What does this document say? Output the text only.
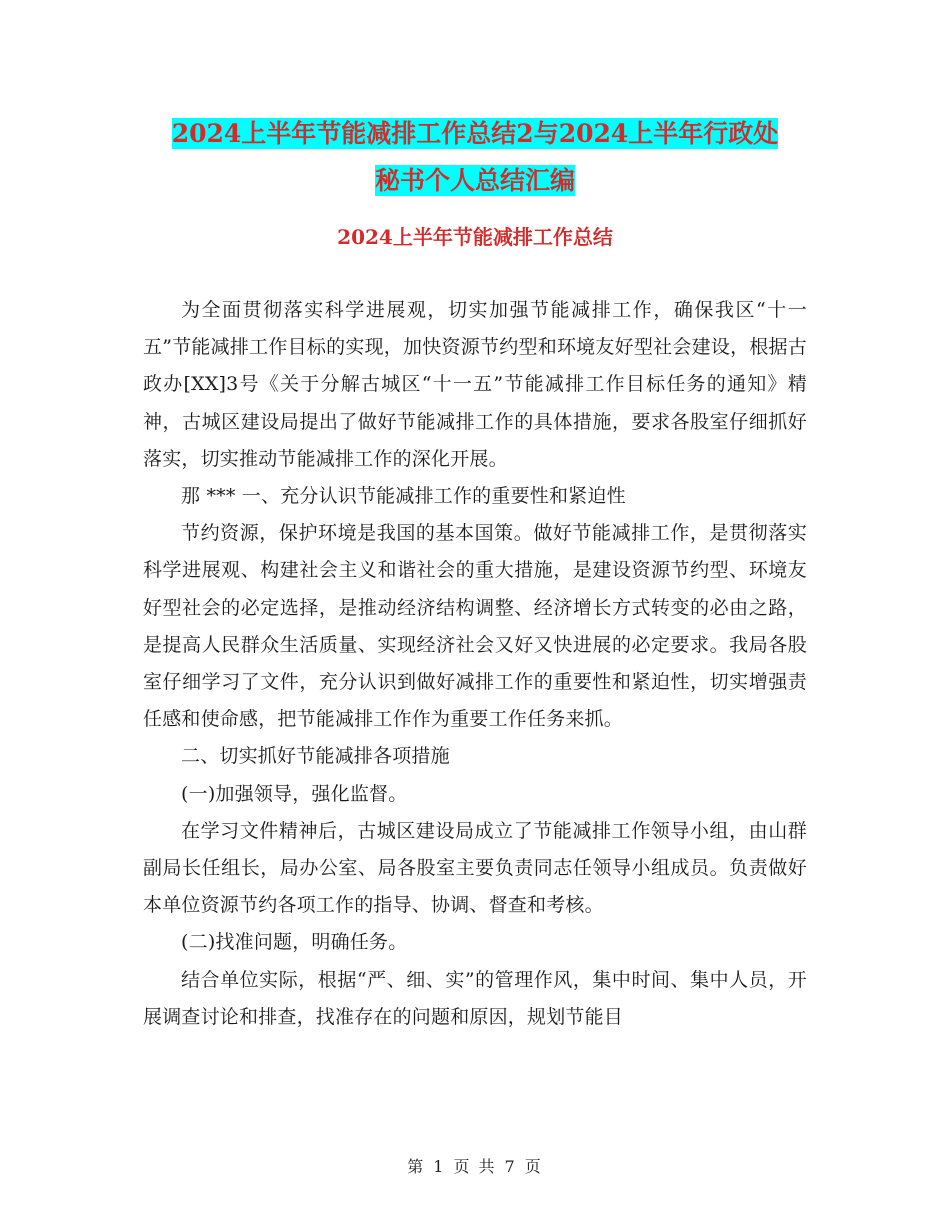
2024上半年节能减排工作总结2与2024上半年行政处
秘书个人总结汇编
2024上半年节能减排工作总结

为全面贯彻落实科学进展观，切实加强节能减排工作，确保我区“十一五”节能减排工作目标的实现，加快资源节约型和环境友好型社会建设，根据古政办[XX]3号《关于分解古城区“十一五”节能减排工作目标任务的通知》精神，古城区建设局提出了做好节能减排工作的具体措施，要求各股室仔细抓好落实，切实推动节能减排工作的深化开展。

那 *** 一、充分认识节能减排工作的重要性和紧迫性

节约资源，保护环境是我国的基本国策。做好节能减排工作，是贯彻落实科学进展观、构建社会主义和谐社会的重大措施，是建设资源节约型、环境友好型社会的必定选择，是推动经济结构调整、经济增长方式转变的必由之路，是提高人民群众生活质量、实现经济社会又好又快进展的必定要求。我局各股室仔细学习了文件，充分认识到做好减排工作的重要性和紧迫性，切实增强责任感和使命感，把节能减排工作作为重要工作任务来抓。

二、切实抓好节能减排各项措施

(一)加强领导，强化监督。

在学习文件精神后，古城区建设局成立了节能减排工作领导小组，由山群副局长任组长，局办公室、局各股室主要负责同志任领导小组成员。负责做好本单位资源节约各项工作的指导、协调、督查和考核。

(二)找准问题，明确任务。

结合单位实际，根据“严、细、实”的管理作风，集中时间、集中人员，开展调查讨论和排查，找准存在的问题和原因，规划节能目

第 1 页 共 7 页
